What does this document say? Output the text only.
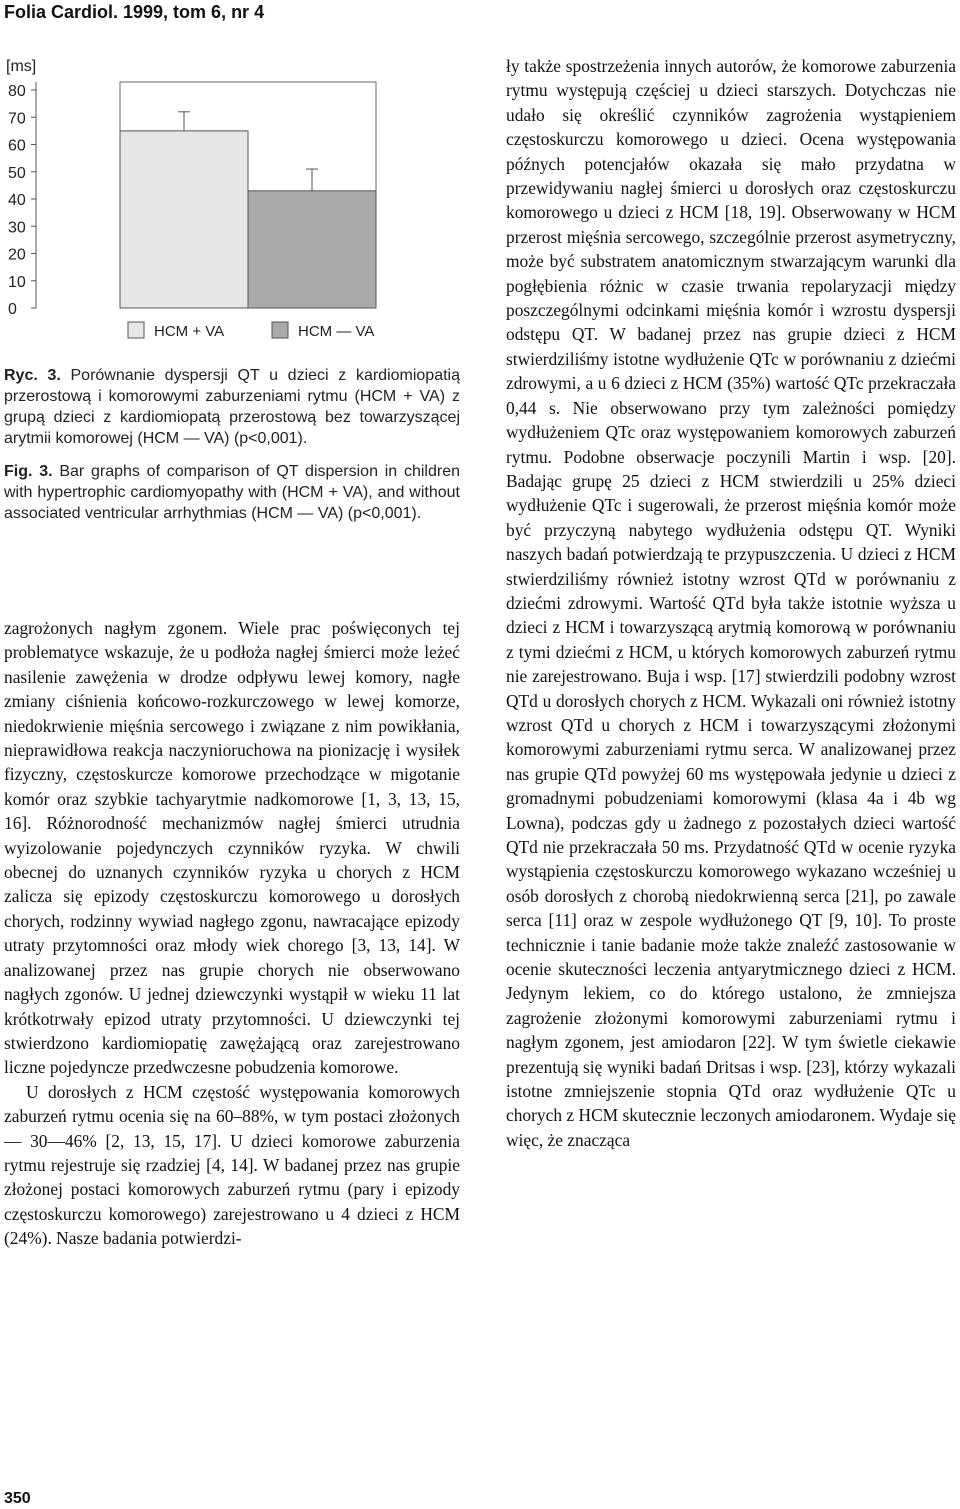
Folia Cardiol. 1999, tom 6, nr 4
[ms]
80
70
60
50
40
30
20
10
0
HCM + VA	HCM — VA

Ryc. 3. Porównanie dyspersji QT u dzieci z kardiomiopatią przerostową i komorowymi zaburzeniami rytmu (HCM + VA) z grupą dzieci z kardiomiopatą przerostową bez towarzyszącej arytmii komorowej (HCM — VA) (p<0,001).

Fig. 3. Bar graphs of comparison of QT dispersion in children with hypertrophic cardiomyopathy with (HCM + VA), and without associated ventricular arrhythmias (HCM — VA) (p<0,001).

zagrożonych nagłym zgonem. Wiele prac poświęconych tej problematyce wskazuje, że u podłoża nagłej śmierci może leżeć nasilenie zawężenia w drodze odpływu lewej komory, nagłe zmiany ciśnienia końcowo-rozkurczowego w lewej komorze, niedokrwienie mięśnia sercowego i związane z nim powikłania, nieprawidłowa reakcja naczynioruchowa na pionizację i wysiłek fizyczny, częstoskurcze komorowe przechodzące w migotanie komór oraz szybkie tachyarytmie nadkomorowe [1, 3, 13, 15, 16]. Różnorodność mechanizmów nagłej śmierci utrudnia wyizolowanie pojedynczych czynników ryzyka. W chwili obecnej do uznanych czynników ryzyka u chorych z HCM zalicza się epizody częstoskurczu komorowego u dorosłych chorych, rodzinny wywiad nagłego zgonu, nawracające epizody utraty przytomności oraz młody wiek chorego [3, 13, 14]. W analizowanej przez nas grupie chorych nie obserwowano nagłych zgonów. U jednej dziewczynki wystąpił w wieku 11 lat krótkotrwały epizod utraty przytomności. U dziewczynki tej stwierdzono kardiomiopatię zawężającą oraz zarejestrowano liczne pojedyncze przedwczesne pobudzenia komorowe.

U dorosłych z HCM częstość występowania komorowych zaburzeń rytmu ocenia się na 60–88%, w tym postaci złożonych — 30—46% [2, 13, 15, 17]. U dzieci komorowe zaburzenia rytmu rejestruje się rzadziej [4, 14]. W badanej przez nas grupie złożonej postaci komorowych zaburzeń rytmu (pary i epizody częstoskurczu komorowego) zarejestrowano u 4 dzieci z HCM (24%). Nasze badania potwierdzi-

ły także spostrzeżenia innych autorów, że komorowe zaburzenia rytmu występują częściej u dzieci starszych. Dotychczas nie udało się określić czynników zagrożenia wystąpieniem częstoskurczu komorowego u dzieci. Ocena występowania późnych potencjałów okazała się mało przydatna w przewidywaniu nagłej śmierci u dorosłych oraz częstoskurczu komorowego u dzieci z HCM [18, 19]. Obserwowany w HCM przerost mięśnia sercowego, szczególnie przerost asymetryczny, może być substratem anatomicznym stwarzającym warunki dla pogłębienia różnic w czasie trwania repolaryzacji między poszczególnymi odcinkami mięśnia komór i wzrostu dyspersji odstępu QT. W badanej przez nas grupie dzieci z HCM stwierdziliśmy istotne wydłużenie QTc w porównaniu z dziećmi zdrowymi, a u 6 dzieci z HCM (35%) wartość QTc przekraczała 0,44 s. Nie obserwowano przy tym zależności pomiędzy wydłużeniem QTc oraz występowaniem komorowych zaburzeń rytmu. Podobne obserwacje poczynili Martin i wsp. [20]. Badając grupę 25 dzieci z HCM stwierdzili u 25% dzieci wydłużenie QTc i sugerowali, że przerost mięśnia komór może być przyczyną nabytego wydłużenia odstępu QT. Wyniki naszych badań potwierdzają te przypuszczenia. U dzieci z HCM stwierdziliśmy również istotny wzrost QTd w porównaniu z dziećmi zdrowymi. Wartość QTd była także istotnie wyższa u dzieci z HCM i towarzyszącą arytmią komorową w porównaniu z tymi dziećmi z HCM, u których komorowych zaburzeń rytmu nie zarejestrowano. Buja i wsp. [17] stwierdzili podobny wzrost QTd u dorosłych chorych z HCM. Wykazali oni również istotny wzrost QTd u chorych z HCM i towarzyszącymi złożonymi komorowymi zaburzeniami rytmu serca. W analizowanej przez nas grupie QTd powyżej 60 ms występowała jedynie u dzieci z gromadnymi pobudzeniami komorowymi (klasa 4a i 4b wg Lowna), podczas gdy u żadnego z pozostałych dzieci wartość QTd nie przekraczała 50 ms. Przydatność QTd w ocenie ryzyka wystąpienia częstoskurczu komorowego wykazano wcześniej u osób dorosłych z chorobą niedokrwienną serca [21], po zawale serca [11] oraz w zespole wydłużonego QT [9, 10]. To proste technicznie i tanie badanie może także znaleźć zastosowanie w ocenie skuteczności leczenia antyarytmicznego dzieci z HCM. Jedynym lekiem, co do którego ustalono, że zmniejsza zagrożenie złożonymi komorowymi zaburzeniami rytmu i nagłym zgonem, jest amiodaron [22]. W tym świetle ciekawie prezentują się wyniki badań Dritsas i wsp. [23], którzy wykazali istotne zmniejszenie stopnia QTd oraz wydłużenie QTc u chorych z HCM skutecznie leczonych amiodaronem. Wydaje się więc, że znacząca

350
